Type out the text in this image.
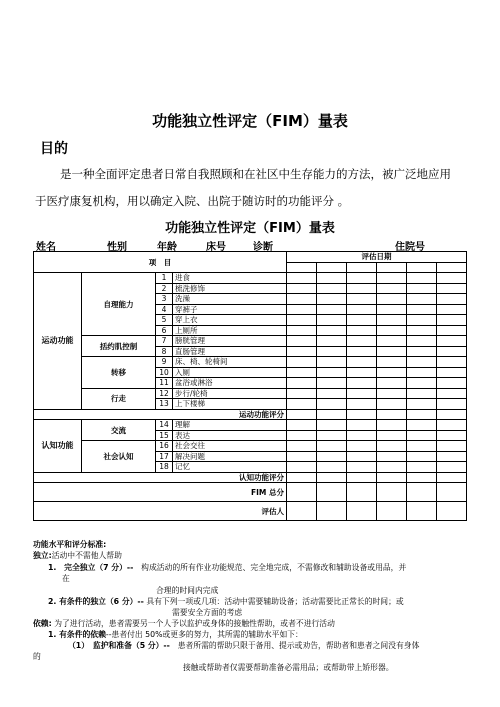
功能独立性评定（FIM）量表
目的
是一种全面评定患者日常自我照顾和在社区中生存能力的方法，被广泛地应用
于医疗康复机构，用以确定入院、出院于随访时的功能评分 。
功能独立性评定（FIM）量表
姓名	性别	年龄	床号	诊断	住院号
项　目				评估日期					

运动功能	自理能力	1	进食						
		2	梳洗修饰						
		3	洗澡						
		4	穿裤子						
		5	穿上衣						
		6	上厕所						
	括约肌控制	7	膀胱管理						
		8	直肠管理						
	转移	9	床、椅、轮椅间						
		10	入厕						
		11	盆浴或淋浴						
	行走	12	步行/轮椅						
		13	上下楼梯						
运动功能评分									
认知功能	交流	14	理解						
		15	表达						
	社会认知	16	社会交往						
		17	解决问题						
		18	记忆						
认知功能评分									
FIM 总分									
评估人									
功能水平和评分标准:
独立:活动中不需他人帮助
1.　完全独立（7 分）--　构成活动的所有作业功能规范、完全地完成，不需修改和辅助设备或用品，并
在
合理的时间内完成
2. 有条件的独立（6 分）-- 具有下列一项或几项：活动中需要辅助设备；活动需要比正常长的时间；或
需要安全方面的考虑
依赖: 为了进行活动，患者需要另一个人予以监护或身体的接触性帮助，或者不进行活动
1. 有条件的依赖--患者付出 50%或更多的努力，其所需的辅助水平如下：
（1）　监护和准备（5 分）--　患者所需的帮助只限于备用、提示或劝告，帮助者和患者之间没有身体
的
接触或帮助者仅需要帮助准备必需用品；或帮助带上矫形器。
